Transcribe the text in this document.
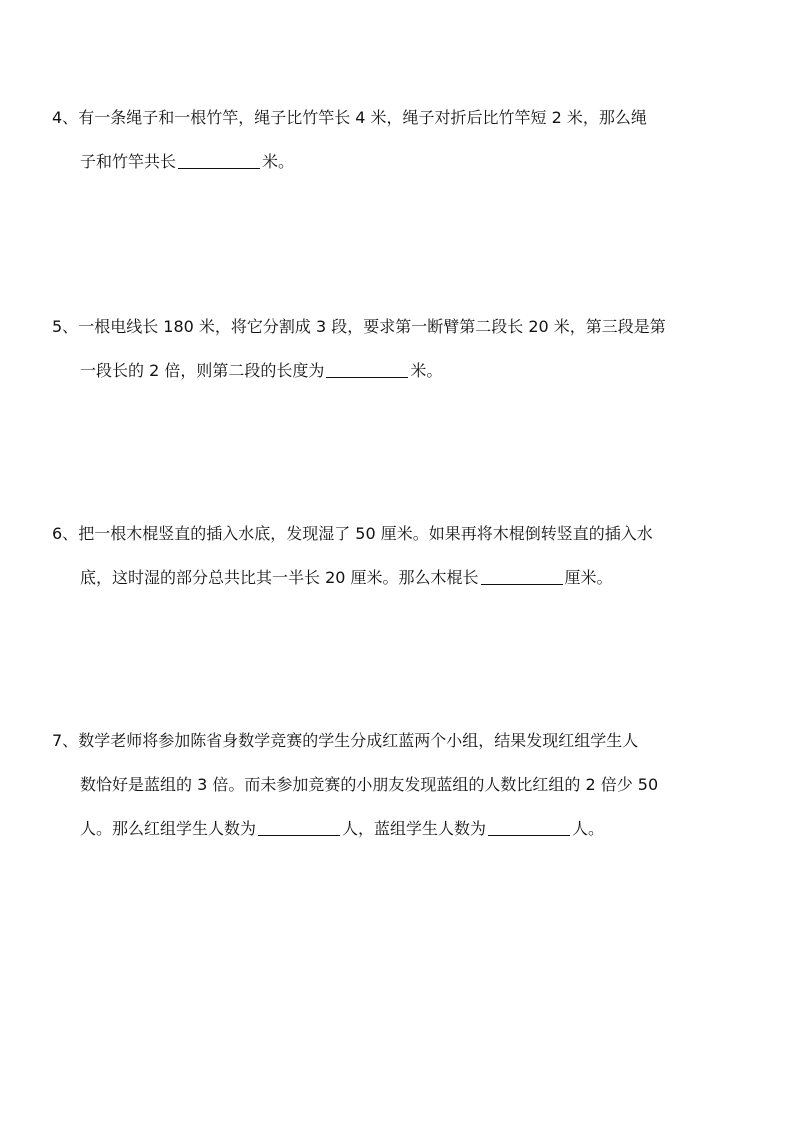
4、 有一条绳子和一根竹竿，绳子比竹竿长 4 米，绳子对折后比竹竿短 2 米，那么绳
子和竹竿共长	米。
5、 一根电线长 180 米，将它分割成 3 段，要求第一断臂第二段长 20 米，第三段是第
一段长的 2 倍，则第二段的长度为	米。
6、 把一根木棍竖直的插入水底，发现湿了 50 厘米。如果再将木棍倒转竖直的插入水
底，这时湿的部分总共比其一半长 20 厘米。那么木棍长	厘米。
7、 数学老师将参加陈省身数学竞赛的学生分成红蓝两个小组，结果发现红组学生人
数恰好是蓝组的 3 倍。而未参加竞赛的小朋友发现蓝组的人数比红组的 2 倍少 50
人。那么红组学生人数为	人，蓝组学生人数为	人。
